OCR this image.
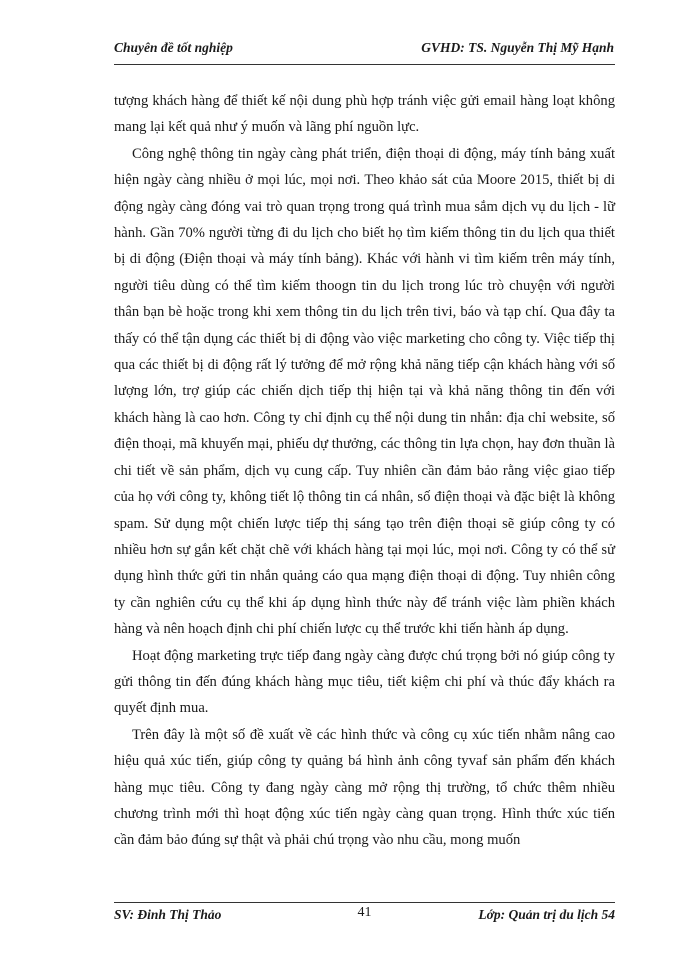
Chuyên đề tốt nghiệp	GVHD: TS. Nguyễn Thị Mỹ Hạnh

tượng khách hàng để thiết kế nội dung phù hợp tránh việc gửi email hàng loạt không mang lại kết quả như ý muốn và lãng phí nguồn lực.

Công nghệ thông tin ngày càng phát triển, điện thoại di động, máy tính bảng xuất hiện ngày càng nhiều ở mọi lúc, mọi nơi. Theo khảo sát của Moore 2015, thiết bị di động ngày càng đóng vai trò quan trọng trong quá trình mua sắm dịch vụ du lịch - lữ hành. Gần 70% người từng đi du lịch cho biết họ tìm kiếm thông tin du lịch qua thiết bị di động (Điện thoại và máy tính bảng). Khác với hành vi tìm kiếm trên máy tính, người tiêu dùng có thể tìm kiếm thoogn tin du lịch trong lúc trò chuyện với người thân bạn bè hoặc trong khi xem thông tin du lịch trên tivi, báo và tạp chí. Qua đây ta thấy có thể tận dụng các thiết bị di động vào việc marketing cho công ty. Việc tiếp thị qua các thiết bị di động rất lý tưởng để mở rộng khả năng tiếp cận khách hàng với số lượng lớn, trợ giúp các chiến dịch tiếp thị hiện tại và khả năng thông tin đến với khách hàng là cao hơn. Công ty chỉ định cụ thể nội dung tin nhắn: địa chỉ website, số điện thoại, mã khuyến mại, phiếu dự thưởng, các thông tin lựa chọn, hay đơn thuần là chi tiết về sản phẩm, dịch vụ cung cấp. Tuy nhiên cần đảm bảo rằng việc giao tiếp của họ với công ty, không tiết lộ thông tin cá nhân, số điện thoại và đặc biệt là không spam. Sử dụng một chiến lược tiếp thị sáng tạo trên điện thoại sẽ giúp công ty có nhiều hơn sự gắn kết chặt chẽ với khách hàng tại mọi lúc, mọi nơi. Công ty có thể sử dụng hình thức gửi tin nhắn quảng cáo qua mạng điện thoại di động. Tuy nhiên công ty cần nghiên cứu cụ thể khi áp dụng hình thức này để tránh việc làm phiền khách hàng và nên hoạch định chi phí chiến lược cụ thể trước khi tiến hành áp dụng.

Hoạt động marketing trực tiếp đang ngày càng được chú trọng bởi nó giúp công ty gửi thông tin đến đúng khách hàng mục tiêu, tiết kiệm chi phí và thúc đẩy khách ra quyết định mua.

Trên đây là một số đề xuất về các hình thức và công cụ xúc tiến nhằm nâng cao hiệu quả xúc tiến, giúp công ty quảng bá hình ảnh công tyvaf sản phẩm đến khách hàng mục tiêu. Công ty đang ngày càng mở rộng thị trường, tổ chức thêm nhiều chương trình mới thì hoạt động xúc tiến ngày càng quan trọng. Hình thức xúc tiến cần đảm bảo đúng sự thật và phải chú trọng vào nhu cầu, mong muốn

SV: Đinh Thị Thảo	41	Lớp: Quản trị du lịch 54
